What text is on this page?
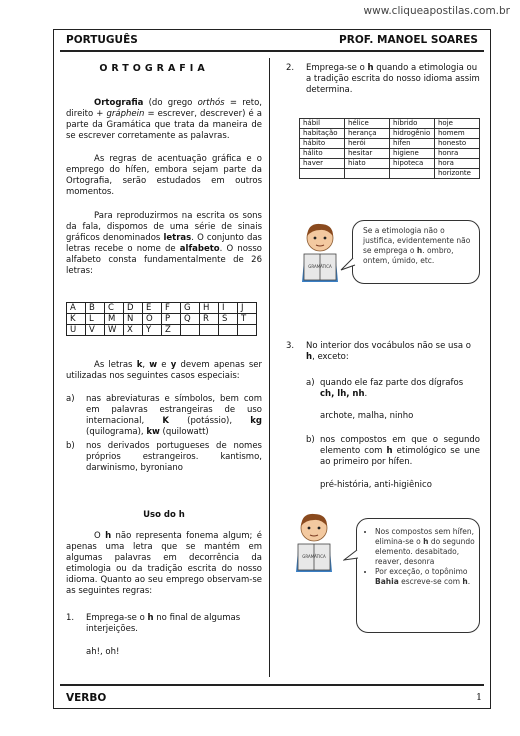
www.cliqueapostilas.com.br
PORTUGUÊS	PROF. MANOEL SOARES
VERBO	1
ORTOGRAFIA
Ortografia (do grego orthós = reto, direito + gráphein = escrever, descrever) é a parte da Gramática que trata da maneira de se escrever corretamente as palavras.
As regras de acentuação gráfica e o emprego do hífen, embora sejam parte da Ortografia, serão estudados em outros momentos.
Para reproduzirmos na escrita os sons da fala, dispomos de uma série de sinais gráficos denominados letras. O conjunto das letras recebe o nome de alfabeto. O nosso alfabeto consta fundamentalmente de 26 letras:
A	B	C	D	E	F	G	H	I	J
K	L	M	N	O	P	Q	R	S	T
U	V	W	X	Y	Z				
As letras k, w e y devem apenas ser utilizadas nos seguintes casos especiais:
a) nas abreviaturas e símbolos, bem com em palavras estrangeiras de uso internacional, K (potássio), kg (quilograma), kw (quilowatt)
b) nos derivados portugueses de nomes próprios estrangeiros. kantismo, darwinismo, byroniano
Uso do h
O h não representa fonema algum; é apenas uma letra que se mantém em algumas palavras em decorrência da etimologia ou da tradição escrita do nosso idioma. Quanto ao seu emprego observam-se as seguintes regras:
1. Emprega-se o h no final de algumas interjeições.
ah!, oh!
2. Emprega-se o h quando a etimologia ou a tradição escrita do nosso idioma assim determina.
hábil	hélice	híbrido	hoje
habitação	herança	hidrogênio	homem
hábito	herói	hífen	honesto
hálito	hesitar	higiene	honra
haver	hiato	hipoteca	hora
			horizonte
GRAMÁTICA
Se a etimologia não o justifica, evidentemente não se emprega o h. ombro, ontem, úmido, etc.
3. No interior dos vocábulos não se usa o h, exceto:
a) quando ele faz parte dos dígrafos ch, lh, nh.
archote, malha, ninho
b) nos compostos em que o segundo elemento com h etimológico se une ao primeiro por hífen.
pré-história, anti-higiênico
GRAMÁTICA
• Nos compostos sem hífen, elimina-se o h do segundo elemento. desabitado, reaver, desonra
• Por exceção, o topônimo Bahia escreve-se com h.
